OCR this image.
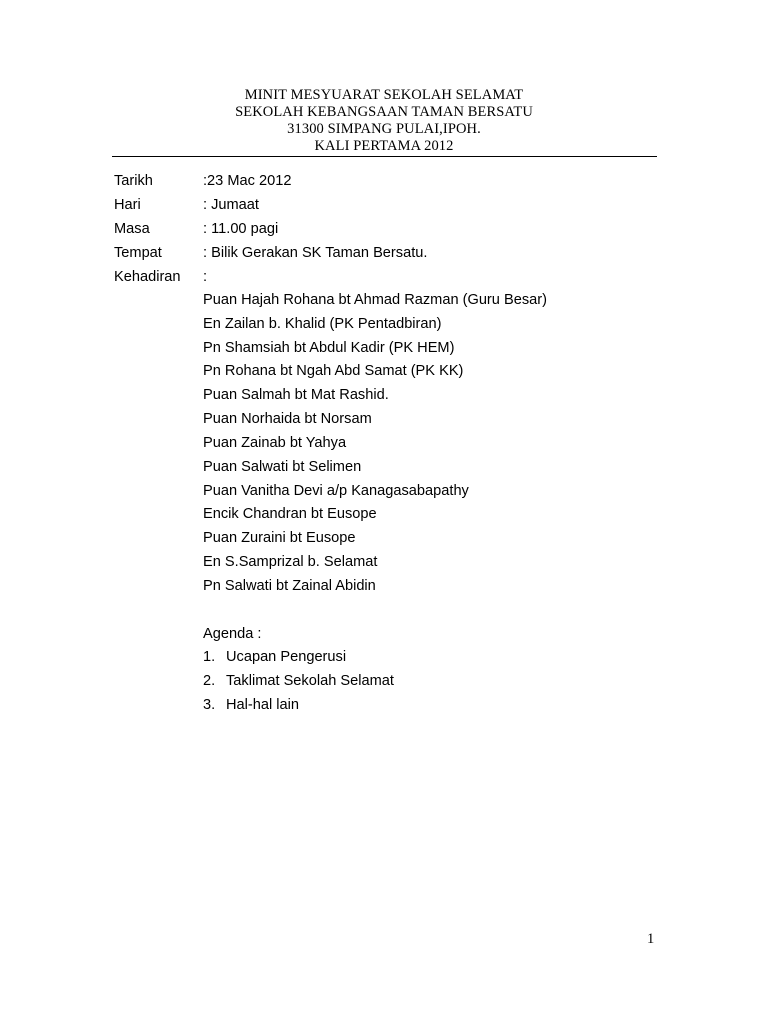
MINIT MESYUARAT SEKOLAH SELAMAT
SEKOLAH KEBANGSAAN TAMAN BERSATU
31300 SIMPANG PULAI,IPOH.
KALI PERTAMA 2012
Tarikh	:23 Mac 2012
Hari	: Jumaat
Masa	: 11.00 pagi
Tempat	: Bilik Gerakan SK Taman Bersatu.
Kehadiran :
Puan Hajah Rohana bt Ahmad Razman (Guru Besar)
En Zailan b. Khalid (PK Pentadbiran)
Pn Shamsiah bt Abdul Kadir (PK HEM)
Pn Rohana bt Ngah Abd Samat (PK KK)
Puan Salmah bt Mat Rashid.
Puan Norhaida bt Norsam
Puan Zainab bt Yahya
Puan Salwati bt Selimen
Puan Vanitha Devi a/p Kanagasabapathy
Encik Chandran bt Eusope
Puan Zuraini bt Eusope
En S.Samprizal b. Selamat
Pn Salwati bt Zainal Abidin
Agenda :
1. Ucapan Pengerusi
2. Taklimat Sekolah Selamat
3. Hal-hal lain
1
